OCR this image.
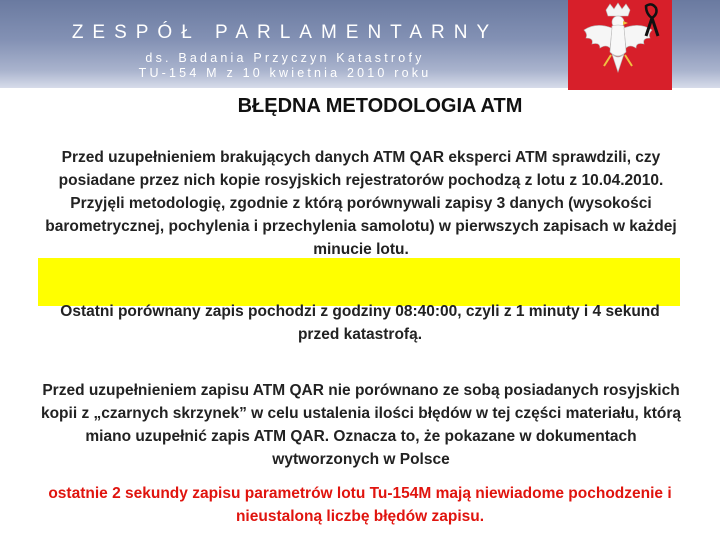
ZESPÓŁ PARLAMENTARNY
ds. Badania Przyczyn Katastrofy
TU-154 M z 10 kwietnia 2010 roku
BŁĘDNA METODOLOGIA ATM
Przed uzupełnieniem brakujących danych ATM QAR eksperci ATM sprawdzili, czy posiadane przez nich kopie rosyjskich rejestratorów pochodzą z lotu z 10.04.2010. Przyjęli metodologię, zgodnie z którą porównywali zapisy 3 danych (wysokości barometrycznej, pochylenia i przechylenia samolotu) w pierwszych zapisach w każdej minucie lotu.
Ostatni porównany zapis pochodzi z godziny 08:40:00, czyli z 1 minuty i 4 sekund przed katastrofą.
Przed uzupełnieniem zapisu ATM QAR nie porównano ze sobą posiadanych rosyjskich kopii z „czarnych skrzynek” w celu ustalenia ilości błędów w tej części materiału, którą miano uzupełnić zapis ATM QAR. Oznacza to, że pokazane w dokumentach wytworzonych w Polsce
ostatnie 2 sekundy zapisu parametrów lotu Tu-154M mają niewiadome pochodzenie i nieustaloną liczbę błędów zapisu.
